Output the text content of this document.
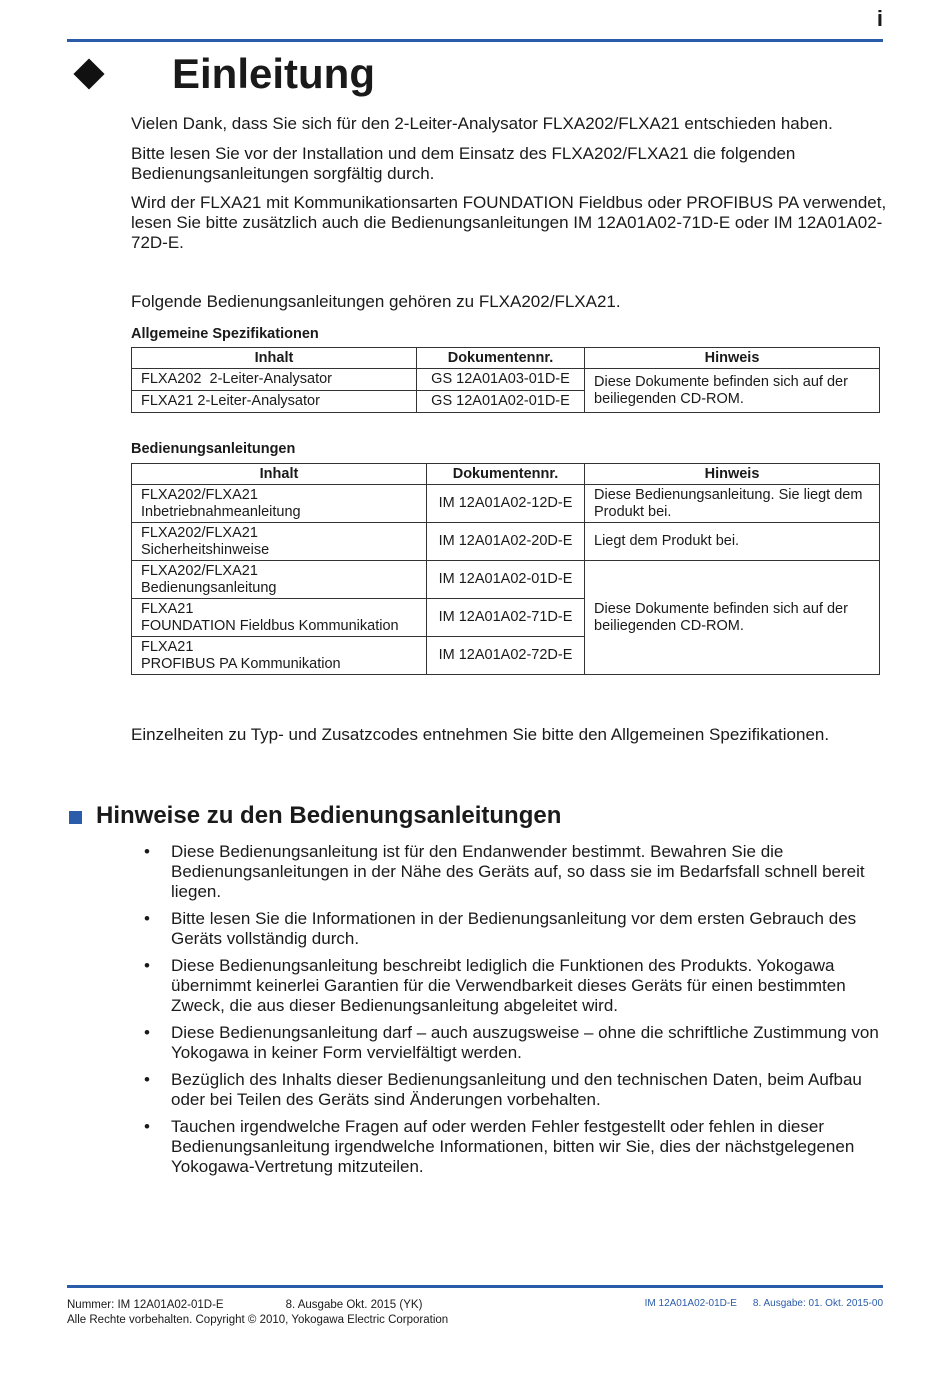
i
Einleitung
Vielen Dank, dass Sie sich für den 2-Leiter-Analysator FLXA202/FLXA21 entschieden haben.
Bitte lesen Sie vor der Installation und dem Einsatz des FLXA202/FLXA21 die folgenden Bedienungsanleitungen sorgfältig durch.
Wird der FLXA21 mit Kommunikationsarten FOUNDATION Fieldbus oder PROFIBUS PA verwendet, lesen Sie bitte zusätzlich auch die Bedienungsanleitungen IM 12A01A02-71D-E oder IM 12A01A02-72D-E.
Folgende Bedienungsanleitungen gehören zu FLXA202/FLXA21.
Allgemeine Spezifikationen
Inhalt	Dokumentennr.	Hinweis
FLXA202  2-Leiter-Analysator	GS 12A01A03-01D-E	Diese Dokumente befinden sich auf der beiliegenden CD-ROM.
FLXA21 2-Leiter-Analysator	GS 12A01A02-01D-E	
Bedienungsanleitungen
Inhalt	Dokumentennr.	Hinweis

FLXA202/FLXA21
Inbetriebnahmeanleitung	IM 12A01A02-12D-E	Diese Bedienungsanleitung. Sie liegt dem Produkt bei.

FLXA202/FLXA21
Sicherheitshinweise	IM 12A01A02-20D-E	Liegt dem Produkt bei.

FLXA202/FLXA21
Bedienungsanleitung	IM 12A01A02-01D-E	Diese Dokumente befinden sich auf der beiliegenden CD-ROM.

FLXA21
FOUNDATION Fieldbus Kommunikation	IM 12A01A02-71D-E	

FLXA21
PROFIBUS PA Kommunikation	IM 12A01A02-72D-E	
Einzelheiten zu Typ- und Zusatzcodes entnehmen Sie bitte den Allgemeinen Spezifikationen.
Hinweise zu den Bedienungsanleitungen
• Diese Bedienungsanleitung ist für den Endanwender bestimmt. Bewahren Sie die Bedienungsanleitungen in der Nähe des Geräts auf, so dass sie im Bedarfsfall schnell bereit liegen.
• Bitte lesen Sie die Informationen in der Bedienungsanleitung vor dem ersten Gebrauch des Geräts vollständig durch.
• Diese Bedienungsanleitung beschreibt lediglich die Funktionen des Produkts. Yokogawa übernimmt keinerlei Garantien für die Verwendbarkeit dieses Geräts für einen bestimmten Zweck, die aus dieser Bedienungsanleitung abgeleitet wird.
• Diese Bedienungsanleitung darf – auch auszugsweise – ohne die schriftliche Zustimmung von Yokogawa in keiner Form vervielfältigt werden.
• Bezüglich des Inhalts dieser Bedienungsanleitung und den technischen Daten, beim Aufbau oder bei Teilen des Geräts sind Änderungen vorbehalten.
• Tauchen irgendwelche Fragen auf oder werden Fehler festgestellt oder fehlen in dieser Bedienungsanleitung irgendwelche Informationen, bitten wir Sie, dies der nächstgelegenen Yokogawa-Vertretung mitzuteilen.
Nummer: IM 12A01A02-01D-E	8. Ausgabe Okt. 2015 (YK)
Alle Rechte vorbehalten. Copyright © 2010, Yokogawa Electric Corporation
IM 12A01A02-01D-E 8. Ausgabe: 01. Okt. 2015-00
